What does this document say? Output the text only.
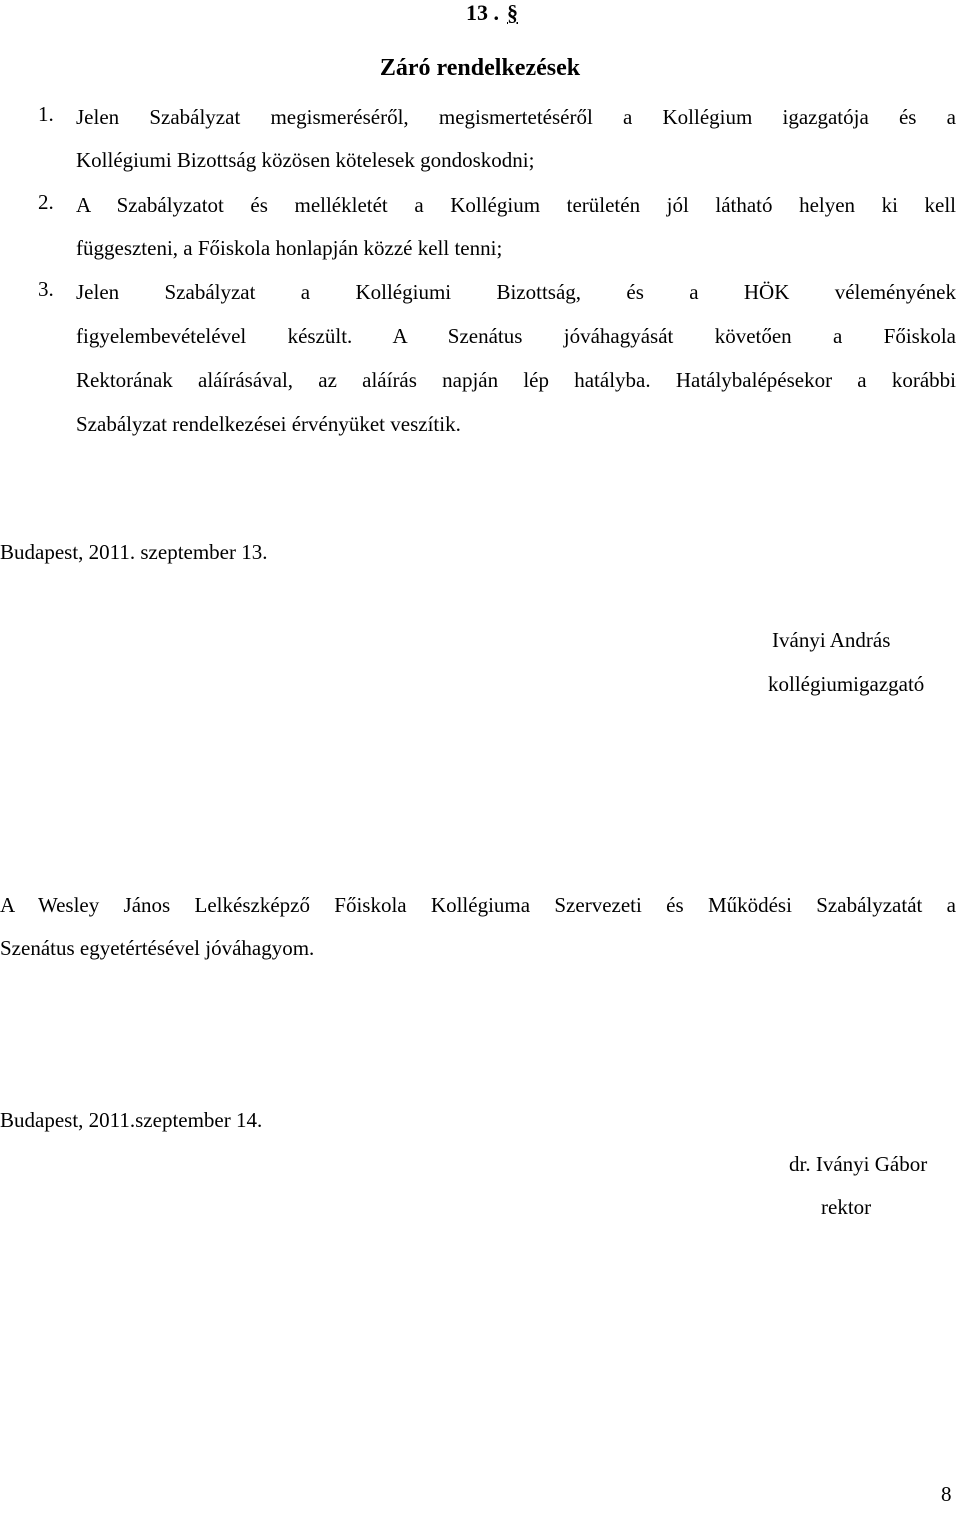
13 . §
Záró rendelkezések
1. Jelen Szabályzat megismeréséről, megismertetéséről a Kollégium igazgatója és a
Kollégiumi Bizottság közösen kötelesek gondoskodni;
2. A Szabályzatot és mellékletét a Kollégium területén jól látható helyen ki kell
függeszteni, a Főiskola honlapján közzé kell tenni;
3. Jelen Szabályzat a Kollégiumi Bizottság, és a HÖK véleményének
figyelembevételével készült. A Szenátus jóváhagyását követően a Főiskola
Rektorának aláírásával, az aláírás napján lép hatályba. Hatálybalépésekor a korábbi
Szabályzat rendelkezései érvényüket veszítik.
Budapest, 2011. szeptember 13.
Iványi András
kollégiumigazgató
A Wesley János Lelkészképző Főiskola Kollégiuma Szervezeti és Működési Szabályzatát a
Szenátus egyetértésével jóváhagyom.
Budapest, 2011.szeptember 14.
dr. Iványi Gábor
rektor
8
